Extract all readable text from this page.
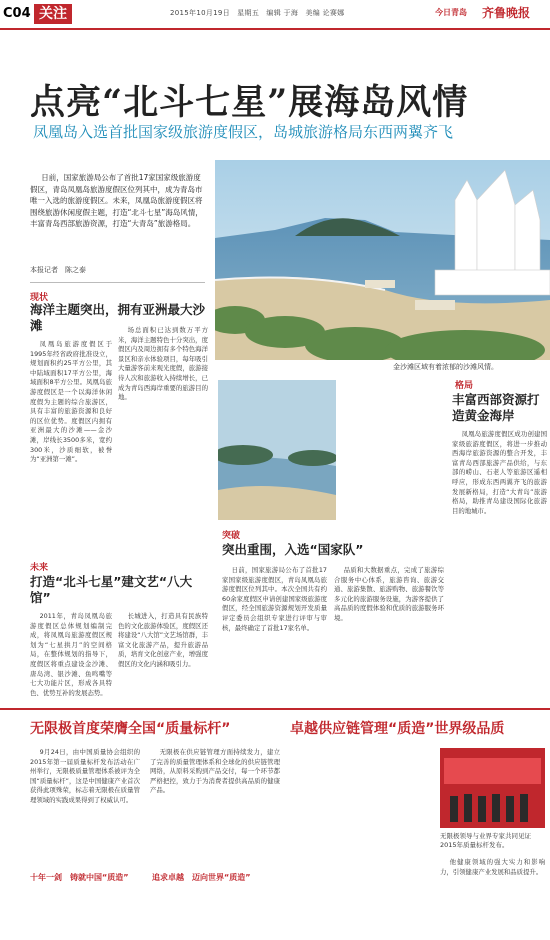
C04 关注	2015年10月19日　星期五　编辑 于海　美编 论赛娜	今日青岛 齐鲁晚报
点亮“北斗七星”展海岛风情
凤凰岛入选首批国家级旅游度假区，岛城旅游格局东西两翼齐飞
日前，国家旅游局公布了首批17家国家级旅游度假区，青岛凤凰岛旅游度假区位列其中，成为青岛市唯一入选的旅游度假区。未来，凤凰岛旅游度假区将围绕旅游休闲度假主题，打造“北斗七星”海岛风情，丰富青岛西部旅游资源，打造“大青岛”旅游格局。
本报记者　陈之泰
金沙滩区域有着浓郁的沙滩风情。
现状
海洋主题突出，拥有亚洲最大沙滩
凤凰岛旅游度假区于1995年经省政府批准设立，规划面积约25平方公里，其中陆域面积17平方公里，海域面积8平方公里。凤凰岛旅游度假区是一个以海洋休闲度假为主题的综合旅游区，具有丰富的旅游资源和良好的区位优势。度假区内拥有亚洲最大的沙滩——金沙滩，岸线长3500多米，宽约300米，沙质细软，被誉为“亚洲第一滩”。
场总面积已达到数万平方米，海洋主题特色十分突出，度假区内及周边拥有多个特色海洋景区和亲水体验项目，每年吸引大量游客前来观光度假，旅游接待人次和旅游收入持续增长，已成为青岛西海岸重要的旅游目的地。
格局
丰富西部资源打造黄金海岸
凤凰岛旅游度假区成功创建国家级旅游度假区，将进一步推动西海岸旅游资源的整合开发，丰富青岛西部旅游产品供给，与东部的崂山、石老人等旅游区遥相呼应，形成东西两翼齐飞的旅游发展新格局，打造“大青岛”旅游格局，助推青岛建设国际化旅游目的地城市。
未来
打造“北斗七星”建文艺“八大馆”
2011年，青岛凤凰岛旅游度假区总体规划编制完成，将凤凰岛旅游度假区规划为“七星拱月”的空间格局，在整体规划的指导下，度假区将重点建设金沙滩、唐岛湾、银沙滩、鱼鸣嘴等七大功能片区，形成各具特色、优势互补的发展态势。
长城进入，打造具有民族特色的文化旅游体验区，度假区还将建设“八大馆”文艺场馆群，丰富文化旅游产品，提升旅游品质，培育文化创意产业，增强度假区的文化内涵和吸引力。
突破
突出重围，入选“国家队”
日前，国家旅游局公布了首批17家国家级旅游度假区，青岛凤凰岛旅游度假区位列其中。本次全国共有约60余家度假区申请创建国家级旅游度假区，经全国旅游资源规划开发质量评定委员会组织专家进行评审与审核，最终确定了首批17家名单。
品质和大数据重点，完成了旅游综合服务中心体系，旅游咨询、旅游交通、旅游集散、旅游购物、旅游餐饮等多元化的旅游服务设施，为游客提供了高品质的度假体验和优质的旅游服务环境。
无限极首度荣膺全国“质量标杆”	卓越供应链管理“质造”世界级品质
9月24日，由中国质量协会组织的2015年第一届质量标杆发布活动在广州举行，无限极质量管理体系被评为全国“质量标杆”，这是中国健康产业首次获得此项殊荣，标志着无限极在质量管理领域的实践成果得到了权威认可。
十年一剑　铸就中国“质造”
无限极在供应链管理方面持续发力，建立了完善的质量管理体系和全球化的供应链管理网络，从原料采购到产品交付，每一个环节都严格把控，致力于为消费者提供高品质的健康产品。
追求卓越　迈向世界“质造”
无限极领导与业界专家共同见证2015年质量标杆发布。
他健康领域的强大实力和影响力，引领健康产业发展和品质提升。
